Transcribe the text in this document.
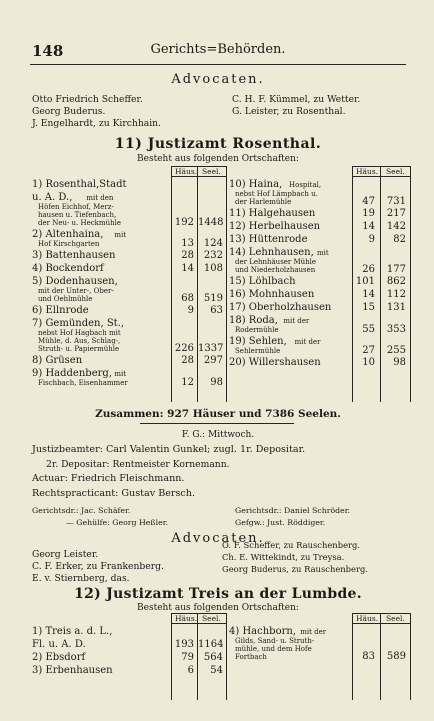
148	Gerichts=Behörden.
Advocaten.
Otto Friedrich Scheffer.
Georg Buderus.
J. Engelhardt, zu Kirchhain.
C. H. F. Kümmel, zu Wetter.
G. Leister, zu Rosenthal.
11) Justizamt Rosenthal.
Besteht aus folgenden Ortschaften:
Häus. Seel.	Häus. Seel.
1) Rosenthal,Stadt
u. A. D., mit den
Höfen Eichhof, Merz-
hausen u. Tiefenbach,
der Neu- u. Heckmühle	192 1448
2) Altenhaina, mit
Hof Kirschgarten	13 124
3) Battenhausen	28 232
4) Bockendorf	14 108
5) Dodenhausen,
mit der Unter-, Ober-
und Oehlmühle	68 519
6) Ellnrode	9	63
7) Gemünden, St.,
nebst Hof Hagbach mit
Mühle, d. Aus, Schlag-,
Struth- u. Papiermühle	226 1337
8) Grüsen	28 297
9) Haddenberg, mit
Fischbach, Eisenhammer	12	98
10) Haina, Hospital,
nebst Hof Lämpbach u.
der Harlemühle	47	731
11) Halgehausen	19	217
12) Herbelhausen	14	142
13) Hüttenrode	9	82
14) Lehnhausen, mit
der Lehnhäuser Mühle
und Niederholzhausen	26	177
15) Löhlbach	101	862
16) Mohnhausen	14	112
17) Oberholzhausen	15	131
18) Roda, mit der
Rodermühle	55	353
19) Sehlen, mit der
Sehlermühle	27	255
20) Willershausen	10	98
Zusammen: 927 Häuser und 7386 Seelen.
F. G.: Mittwoch.
Justizbeamter: Carl Valentin Gunkel; zugl. 1r. Depositar.
2r. Depositar: Rentmeister Kornemann.
Actuar: Friedrich Fleischmann.
Rechtspracticant: Gustav Bersch.
Gerichtsdr.: Jac. Schäfer.	Gerichtsdr.: Daniel Schröder.
— Gehülfe: Georg Heßler.	Gefgw.: Just. Röddiger.
Advocaten.
Georg Leister.
C. F. Erker, zu Frankenberg.
E. v. Stiernberg, das.
O. F. Scheffer, zu Rauschenberg.
Ch. E. Wittekindt, zu Treysa.
Georg Buderus, zu Rauschenberg.
12) Justizamt Treis an der Lumbde.
Besteht aus folgenden Ortschaften:
Häus. Seel.	Häus. Seel.
1) Treis a. d. L.,
Fl. u. A. D.	193 1164
2) Ebsdorf	79 564
3) Erbenhausen	6	54
4) Hachborn, mit der
Gilds, Sand- u. Struth-
mühle, und dem Hofe
Fortbach	83	589
